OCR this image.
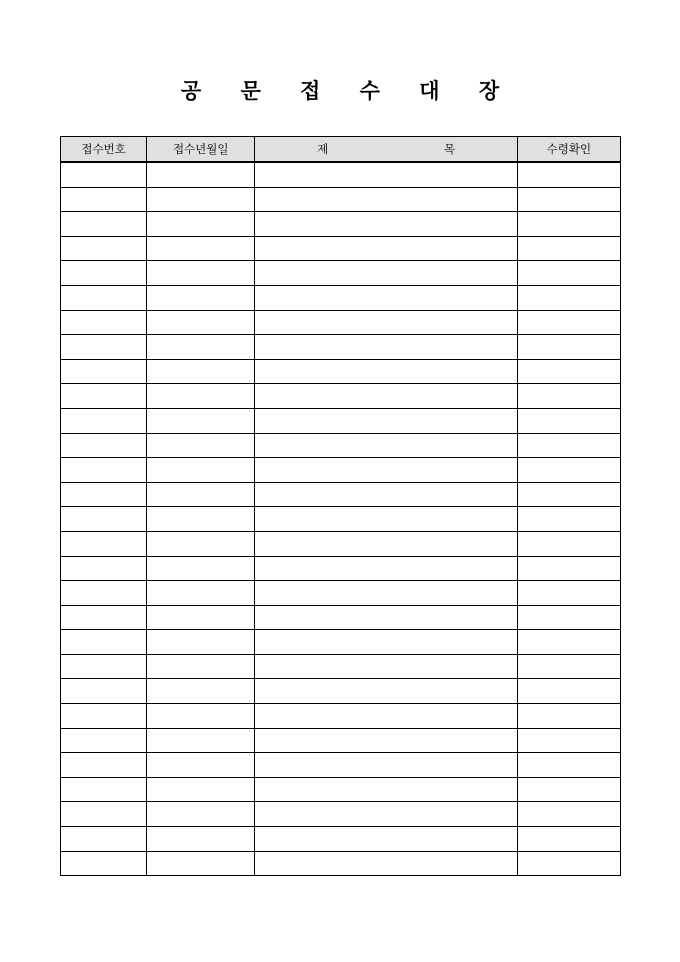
공 문 접 수 대 장
접수번호	접수년월일	제 목	수령확인
